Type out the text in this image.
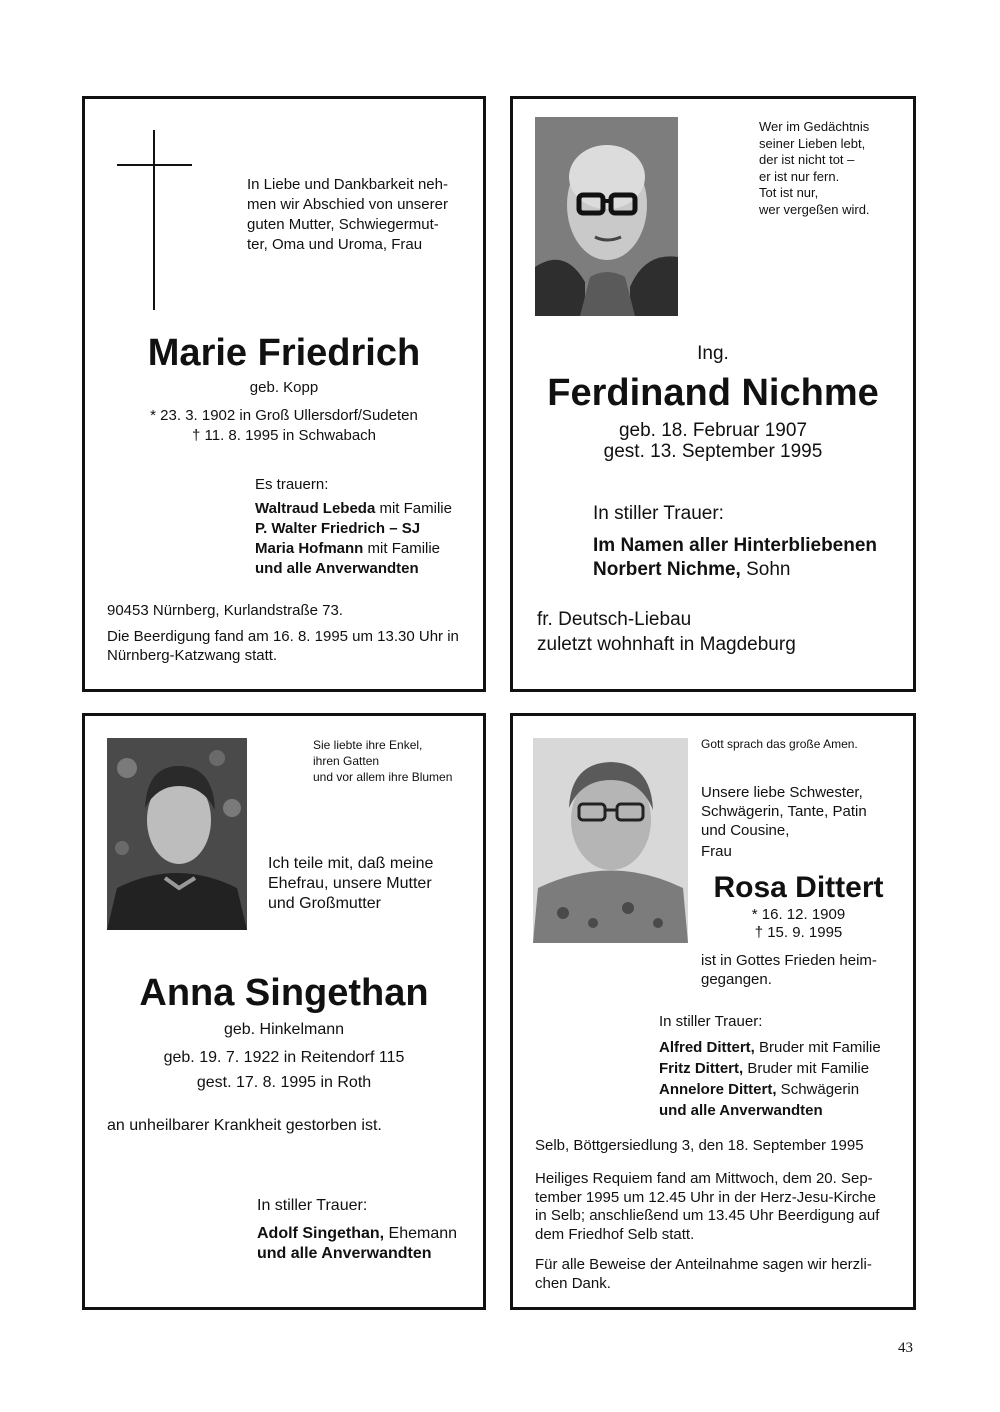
In Liebe und Dankbarkeit neh-
men wir Abschied von unserer
guten Mutter, Schwiegermut-
ter, Oma und Uroma, Frau
Marie Friedrich
geb. Kopp
* 23. 3. 1902 in Groß Ullersdorf/Sudeten
† 11. 8. 1995 in Schwabach
Es trauern:
Waltraud Lebeda mit Familie
P. Walter Friedrich – SJ
Maria Hofmann mit Familie
und alle Anverwandten
90453 Nürnberg, Kurlandstraße 73.
Die Beerdigung fand am 16. 8. 1995 um 13.30 Uhr in
Nürnberg-Katzwang statt.
Wer im Gedächtnis
seiner Lieben lebt,
der ist nicht tot –
er ist nur fern.
Tot ist nur,
wer vergeßen wird.
Ing.
Ferdinand Nichme
geb. 18. Februar 1907
gest. 13. September 1995
In stiller Trauer:
Im Namen aller Hinterbliebenen
Norbert Nichme, Sohn
fr. Deutsch-Liebau
zuletzt wohnhaft in Magdeburg
Sie liebte ihre Enkel,
ihren Gatten
und vor allem ihre Blumen
Ich teile mit, daß meine
Ehefrau, unsere Mutter
und Großmutter
Anna Singethan
geb. Hinkelmann
geb. 19. 7. 1922 in Reitendorf 115
gest. 17. 8. 1995 in Roth
an unheilbarer Krankheit gestorben ist.
In stiller Trauer:
Adolf Singethan, Ehemann
und alle Anverwandten
Gott sprach das große Amen.
Unsere liebe Schwester,
Schwägerin, Tante, Patin
und Cousine,
Frau
Rosa Dittert
* 16. 12. 1909
† 15. 9. 1995
ist in Gottes Frieden heim-
gegangen.
In stiller Trauer:
Alfred Dittert, Bruder mit Familie
Fritz Dittert, Bruder mit Familie
Annelore Dittert, Schwägerin
und alle Anverwandten
Selb, Böttgersiedlung 3, den 18. September 1995
Heiliges Requiem fand am Mittwoch, dem 20. Sep-
tember 1995 um 12.45 Uhr in der Herz-Jesu-Kirche
in Selb; anschließend um 13.45 Uhr Beerdigung auf
dem Friedhof Selb statt.
Für alle Beweise der Anteilnahme sagen wir herzli-
chen Dank.
43
